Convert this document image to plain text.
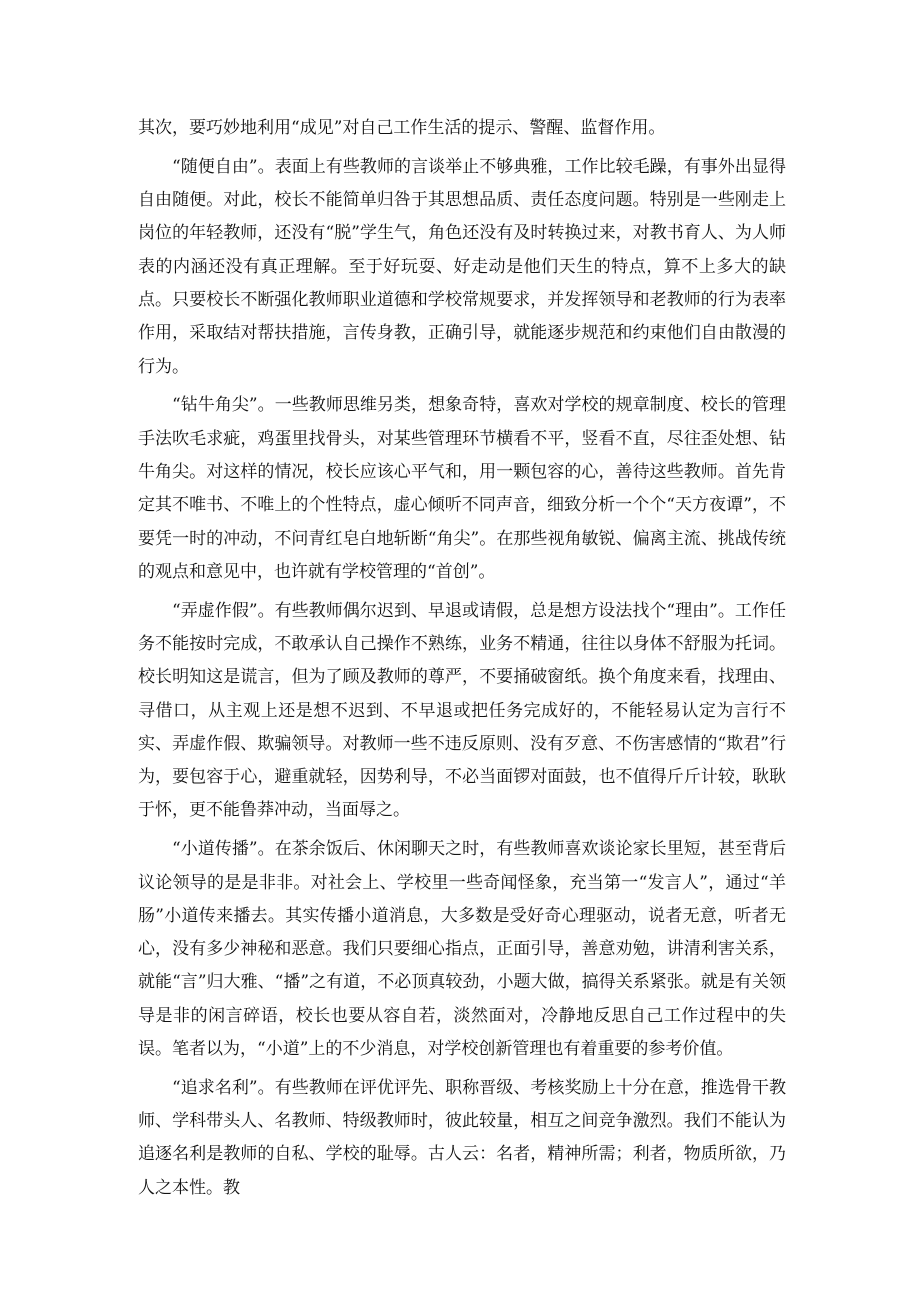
其次，要巧妙地利用“成见”对自己工作生活的提示、警醒、监督作用。

“随便自由”。表面上有些教师的言谈举止不够典雅，工作比较毛躁，有事外出显得自由随便。对此，校长不能简单归咎于其思想品质、责任态度问题。特别是一些刚走上岗位的年轻教师，还没有“脱”学生气，角色还没有及时转换过来，对教书育人、为人师表的内涵还没有真正理解。至于好玩耍、好走动是他们天生的特点，算不上多大的缺点。只要校长不断强化教师职业道德和学校常规要求，并发挥领导和老教师的行为表率作用，采取结对帮扶措施，言传身教，正确引导，就能逐步规范和约束他们自由散漫的行为。

“钻牛角尖”。一些教师思维另类，想象奇特，喜欢对学校的规章制度、校长的管理手法吹毛求疵，鸡蛋里找骨头，对某些管理环节横看不平，竖看不直，尽往歪处想、钻牛角尖。对这样的情况，校长应该心平气和，用一颗包容的心，善待这些教师。首先肯定其不唯书、不唯上的个性特点，虚心倾听不同声音，细致分析一个个“天方夜谭”，不要凭一时的冲动，不问青红皂白地斩断“角尖”。在那些视角敏锐、偏离主流、挑战传统的观点和意见中，也许就有学校管理的“首创”。

“弄虚作假”。有些教师偶尔迟到、早退或请假，总是想方设法找个“理由”。工作任务不能按时完成，不敢承认自己操作不熟练，业务不精通，往往以身体不舒服为托词。校长明知这是谎言，但为了顾及教师的尊严，不要捅破窗纸。换个角度来看，找理由、寻借口，从主观上还是想不迟到、不早退或把任务完成好的，不能轻易认定为言行不实、弄虚作假、欺骗领导。对教师一些不违反原则、没有歹意、不伤害感情的“欺君”行为，要包容于心，避重就轻，因势利导，不必当面锣对面鼓，也不值得斤斤计较，耿耿于怀，更不能鲁莽冲动，当面辱之。

“小道传播”。在茶余饭后、休闲聊天之时，有些教师喜欢谈论家长里短，甚至背后议论领导的是是非非。对社会上、学校里一些奇闻怪象，充当第一“发言人”，通过“羊肠”小道传来播去。其实传播小道消息，大多数是受好奇心理驱动，说者无意，听者无心，没有多少神秘和恶意。我们只要细心指点，正面引导，善意劝勉，讲清利害关系，就能“言”归大雅、“播”之有道，不必顶真较劲，小题大做，搞得关系紧张。就是有关领导是非的闲言碎语，校长也要从容自若，淡然面对，冷静地反思自己工作过程中的失误。笔者以为，“小道”上的不少消息，对学校创新管理也有着重要的参考价值。

“追求名利”。有些教师在评优评先、职称晋级、考核奖励上十分在意，推选骨干教师、学科带头人、名教师、特级教师时，彼此较量，相互之间竞争激烈。我们不能认为追逐名利是教师的自私、学校的耻辱。古人云：名者，精神所需；利者，物质所欲，乃人之本性。教
